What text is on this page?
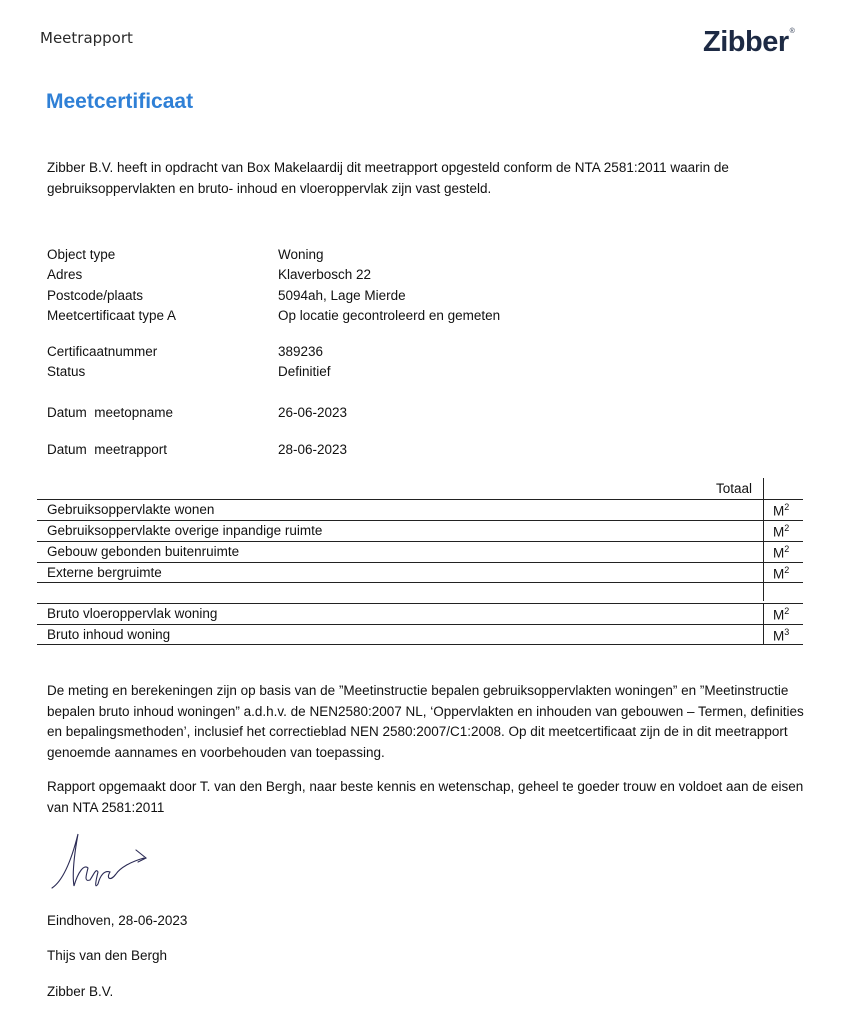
Meetrapport	Zibber®
Meetcertificaat
Zibber B.V. heeft in opdracht van Box Makelaardij dit meetrapport opgesteld conform de NTA 2581:2011 waarin de gebruiksoppervlakten en bruto- inhoud en vloeroppervlak zijn vast gesteld.
Object type	Woning
Adres	Klaverbosch 22
Postcode/plaats	5094ah, Lage Mierde
Meetcertificaat type A	Op locatie gecontroleerd en gemeten
Certificaatnummer	389236
Status	Definitief
Datum  meetopname	26-06-2023
Datum  meetrapport	28-06-2023
Totaal
Gebruiksoppervlakte wonen	$M^2$
Gebruiksoppervlakte overige inpandige ruimte	$M^2$
Gebouw gebonden buitenruimte	$M^2$
Externe bergruimte	$M^2$
Bruto vloeroppervlak woning	$M^2$
Bruto inhoud woning	$M^3$
De meting en berekeningen zijn op basis van de ”Meetinstructie bepalen gebruiksoppervlakten woningen” en ”Meetinstructie bepalen bruto inhoud woningen” a.d.h.v. de NEN2580:2007 NL, ‘Oppervlakten en inhouden van gebouwen – Termen, definities en bepalingsmethoden’, inclusief het correctieblad NEN 2580:2007/C1:2008. Op dit meetcertificaat zijn de in dit meetrapport genoemde aannames en voorbehouden van toepassing.
Rapport opgemaakt door T. van den Bergh, naar beste kennis en wetenschap, geheel te goeder trouw en voldoet aan de eisen van NTA 2581:2011
Eindhoven, 28-06-2023
Thijs van den Bergh
Zibber B.V.
